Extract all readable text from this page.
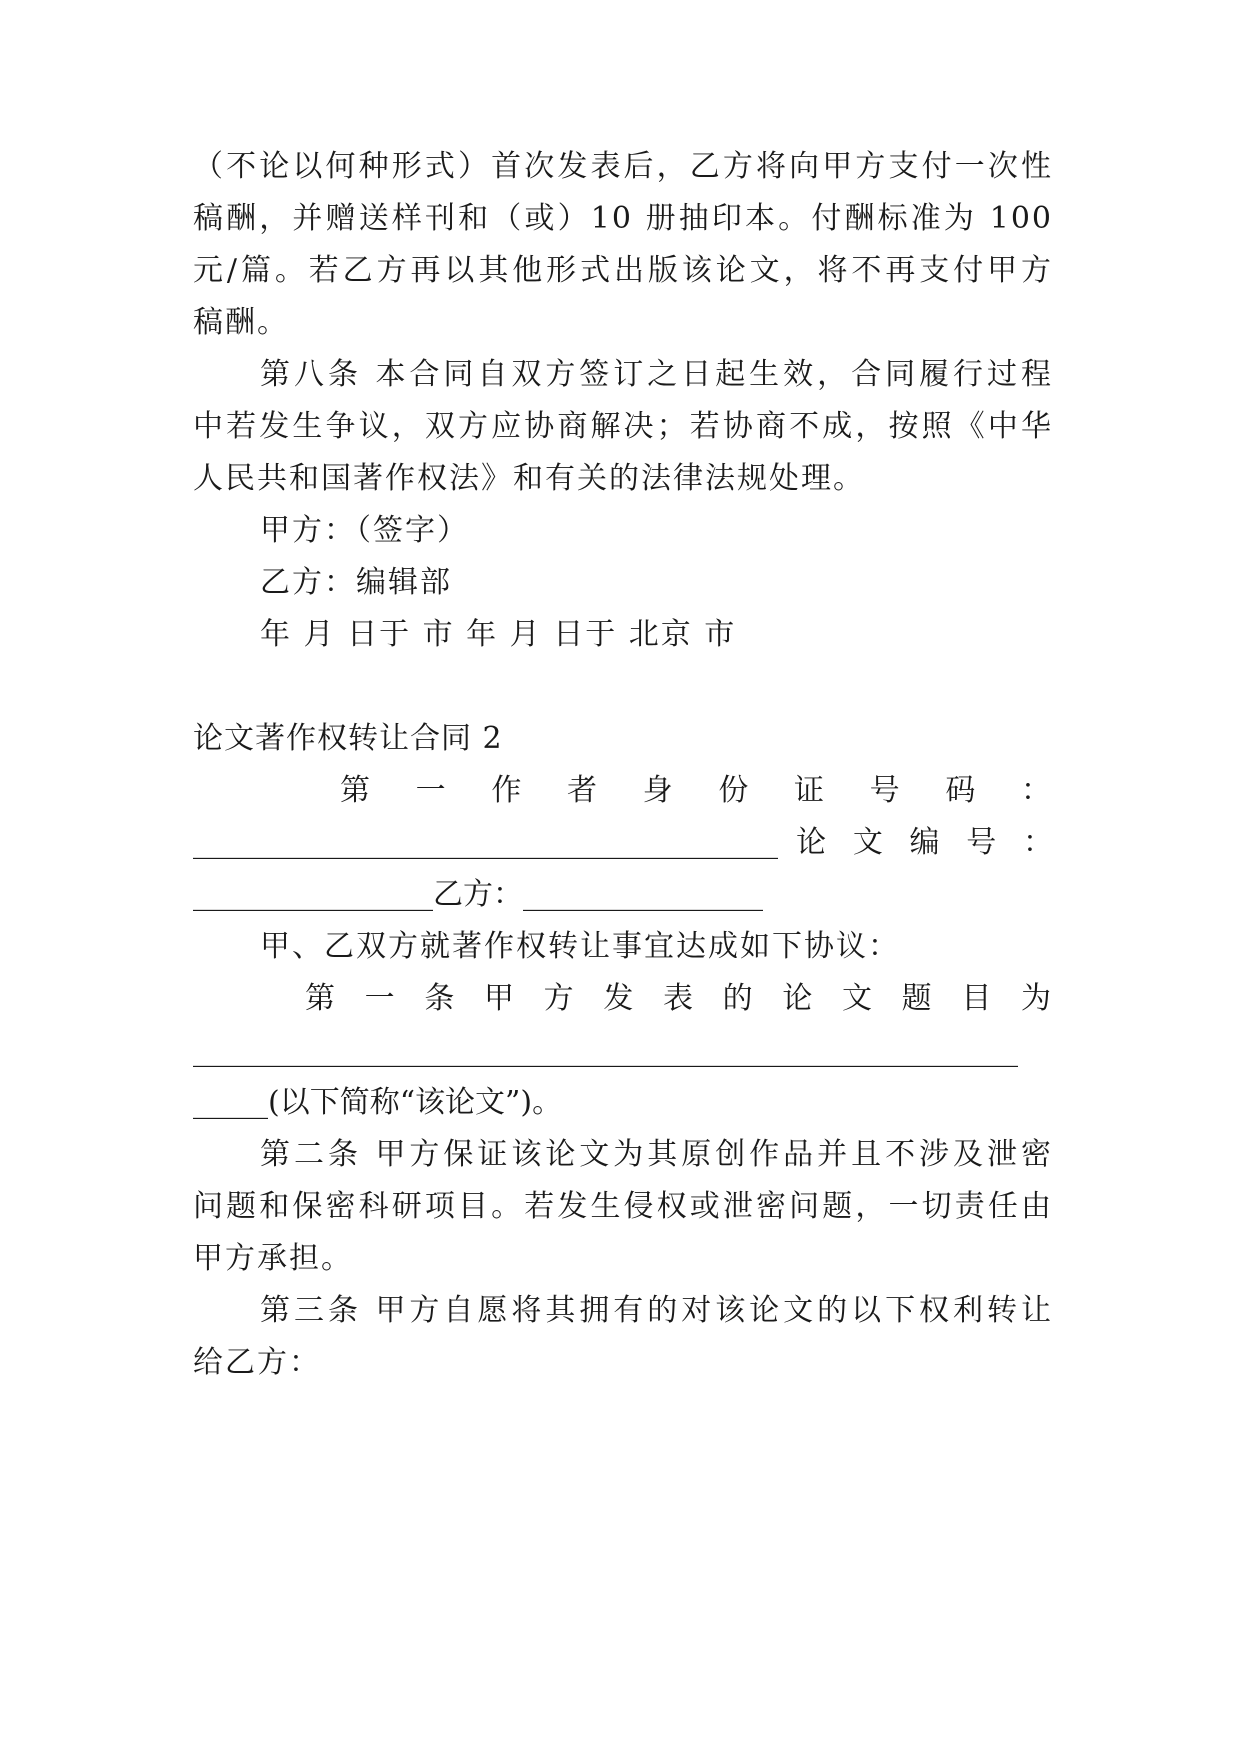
（不论以何种形式）首次发表后，乙方将向甲方支付一次性
稿酬，并赠送样刊和（或）10 册抽印本。付酬标准为 100
元/篇。若乙方再以其他形式出版该论文，将不再支付甲方
稿酬。
第八条 本合同自双方签订之日起生效，合同履行过程
中若发生争议，双方应协商解决；若协商不成，按照《中华
人民共和国著作权法》和有关的法律法规处理。
甲方：（签字）
乙方：编辑部
年 月 日于 市 年 月 日于 北京 市
论文著作权转让合同 2
第 一 作 者 身 份 证 号 码 ：
_______________________________________ 论 文 编 号 ：
________________乙方：________________
甲、乙双方就著作权转让事宜达成如下协议：
第 一 条 甲 方 发 表 的 论 文 题 目 为
_______________________________________________________
_____(以下简称“该论文”)。
第二条 甲方保证该论文为其原创作品并且不涉及泄密
问题和保密科研项目。若发生侵权或泄密问题，一切责任由
甲方承担。
第三条 甲方自愿将其拥有的对该论文的以下权利转让
给乙方：
